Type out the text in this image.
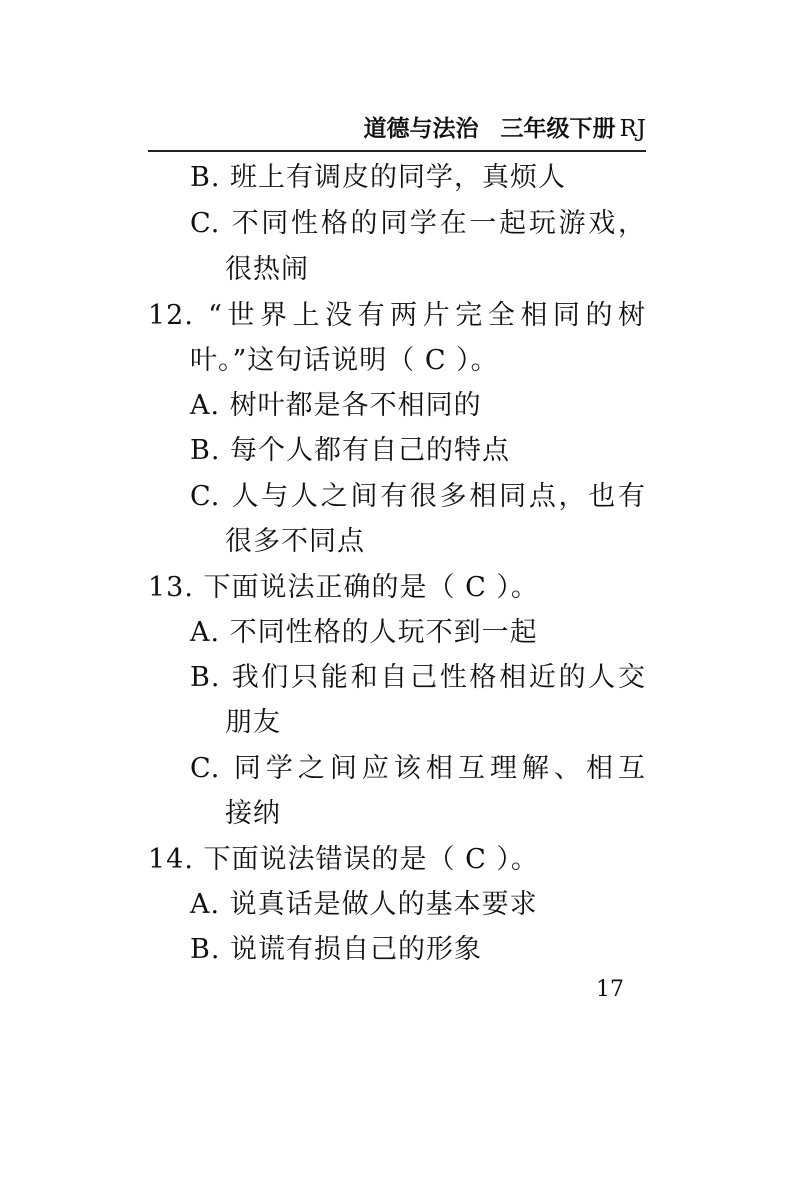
道德与法治 三年级下册 RJ
B. 班上有调皮的同学，真烦人
C. 不同性格的同学在一起玩游戏，
很热闹
12. “世界上没有两片完全相同的树
叶。”这句话说明（ C ）。
A. 树叶都是各不相同的
B. 每个人都有自己的特点
C. 人与人之间有很多相同点，也有
很多不同点
13. 下面说法正确的是（ C ）。
A. 不同性格的人玩不到一起
B. 我们只能和自己性格相近的人交
朋友
C. 同学之间应该相互理解、相互
接纳
14. 下面说法错误的是（ C ）。
A. 说真话是做人的基本要求
B. 说谎有损自己的形象
17
